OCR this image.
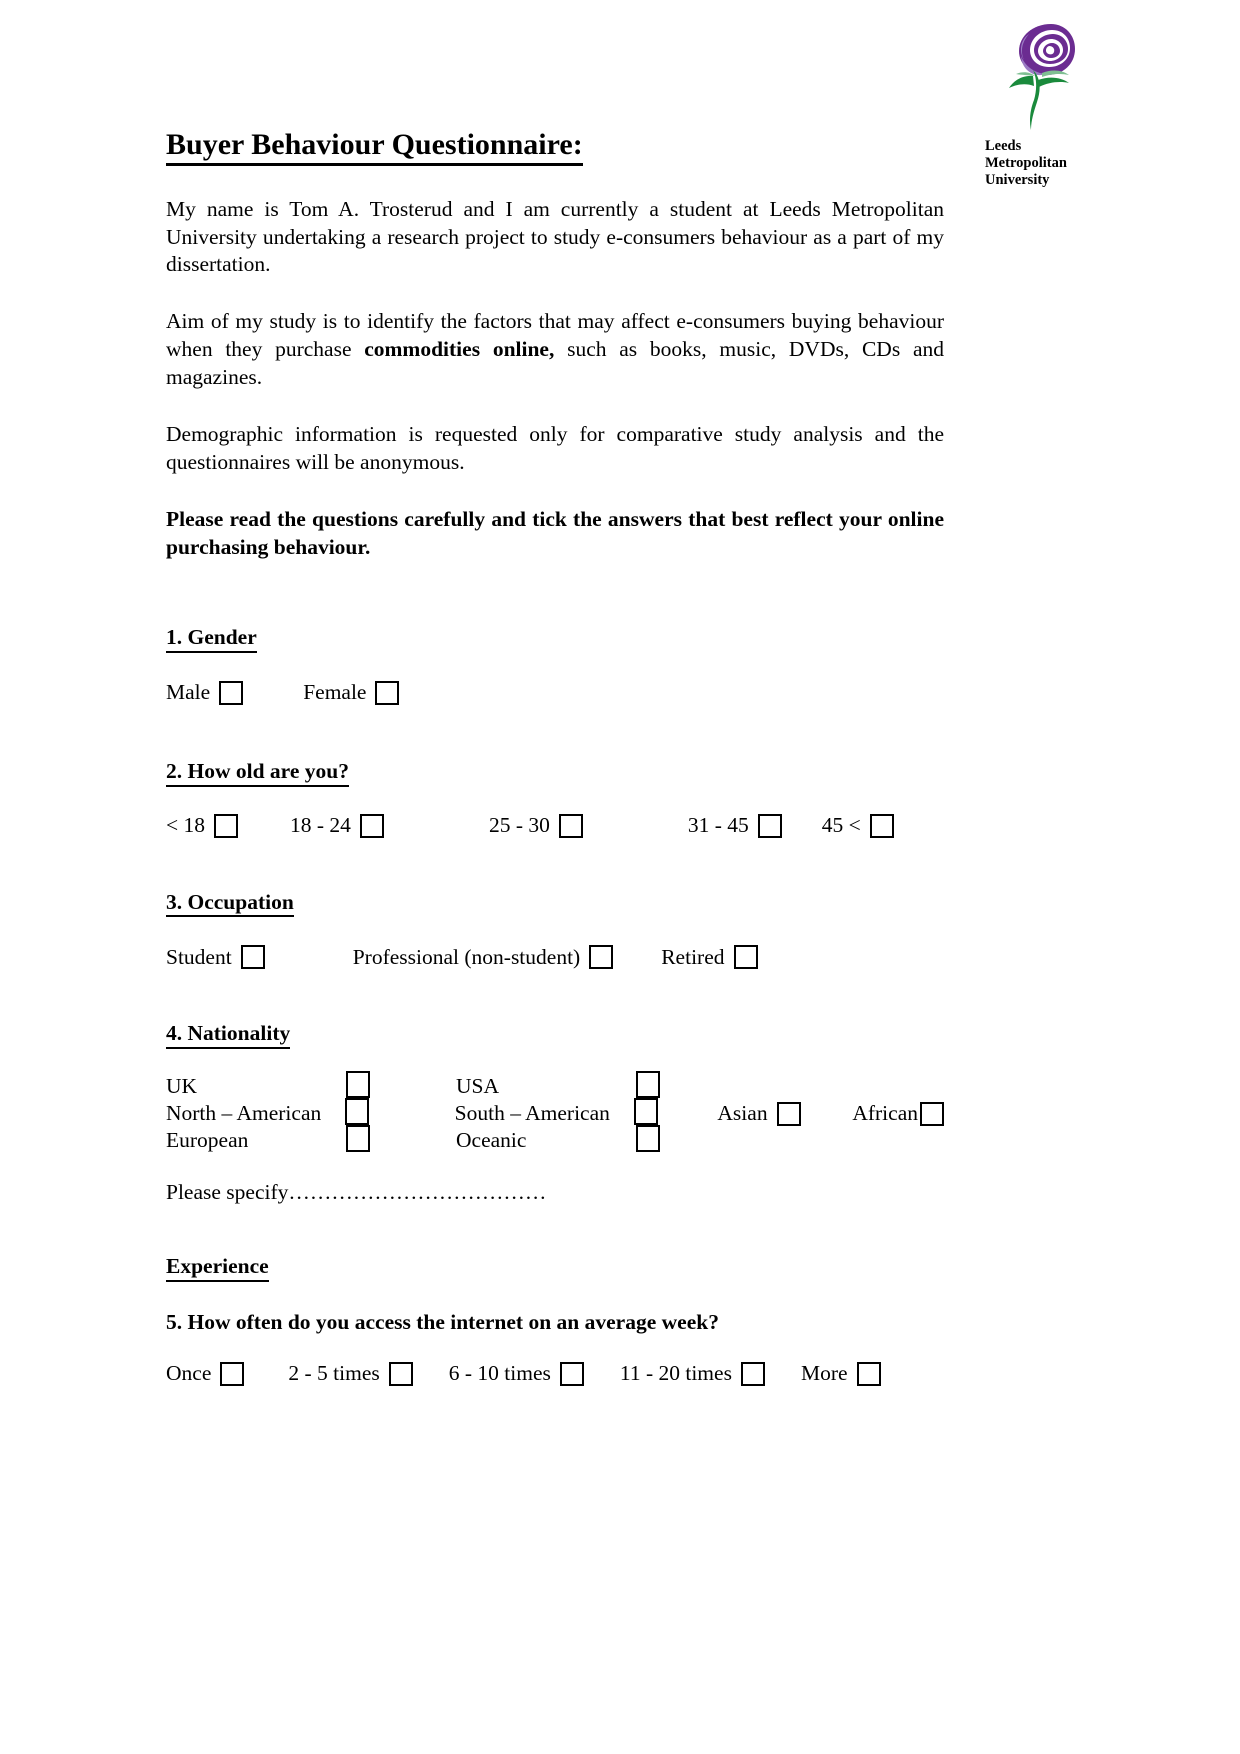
Leeds
Metropolitan
University
Buyer Behaviour Questionnaire:

My name is Tom A. Trosterud and I am currently a student at Leeds Metropolitan University undertaking a research project to study e-consumers behaviour as a part of my dissertation.

Aim of my study is to identify the factors that may affect e-consumers buying behaviour when they purchase commodities online, such as books, music, DVDs, CDs and magazines.

Demographic information is requested only for comparative study analysis and the questionnaires will be anonymous.

Please read the questions carefully and tick the answers that best reflect your online purchasing behaviour.

1. Gender
Male	Female
2. How old are you?
< 18	18 - 24	25 - 30	31 - 45	45 <
3. Occupation
Student	Professional (non-student)	Retired
4. Nationality
UK	USA
North – American	South – American	Asian	African
European	Oceanic
Please specify………………………………
Experience
5. How often do you access the internet on an average week?
Once	2 - 5 times	6 - 10 times	11 - 20 times	More
